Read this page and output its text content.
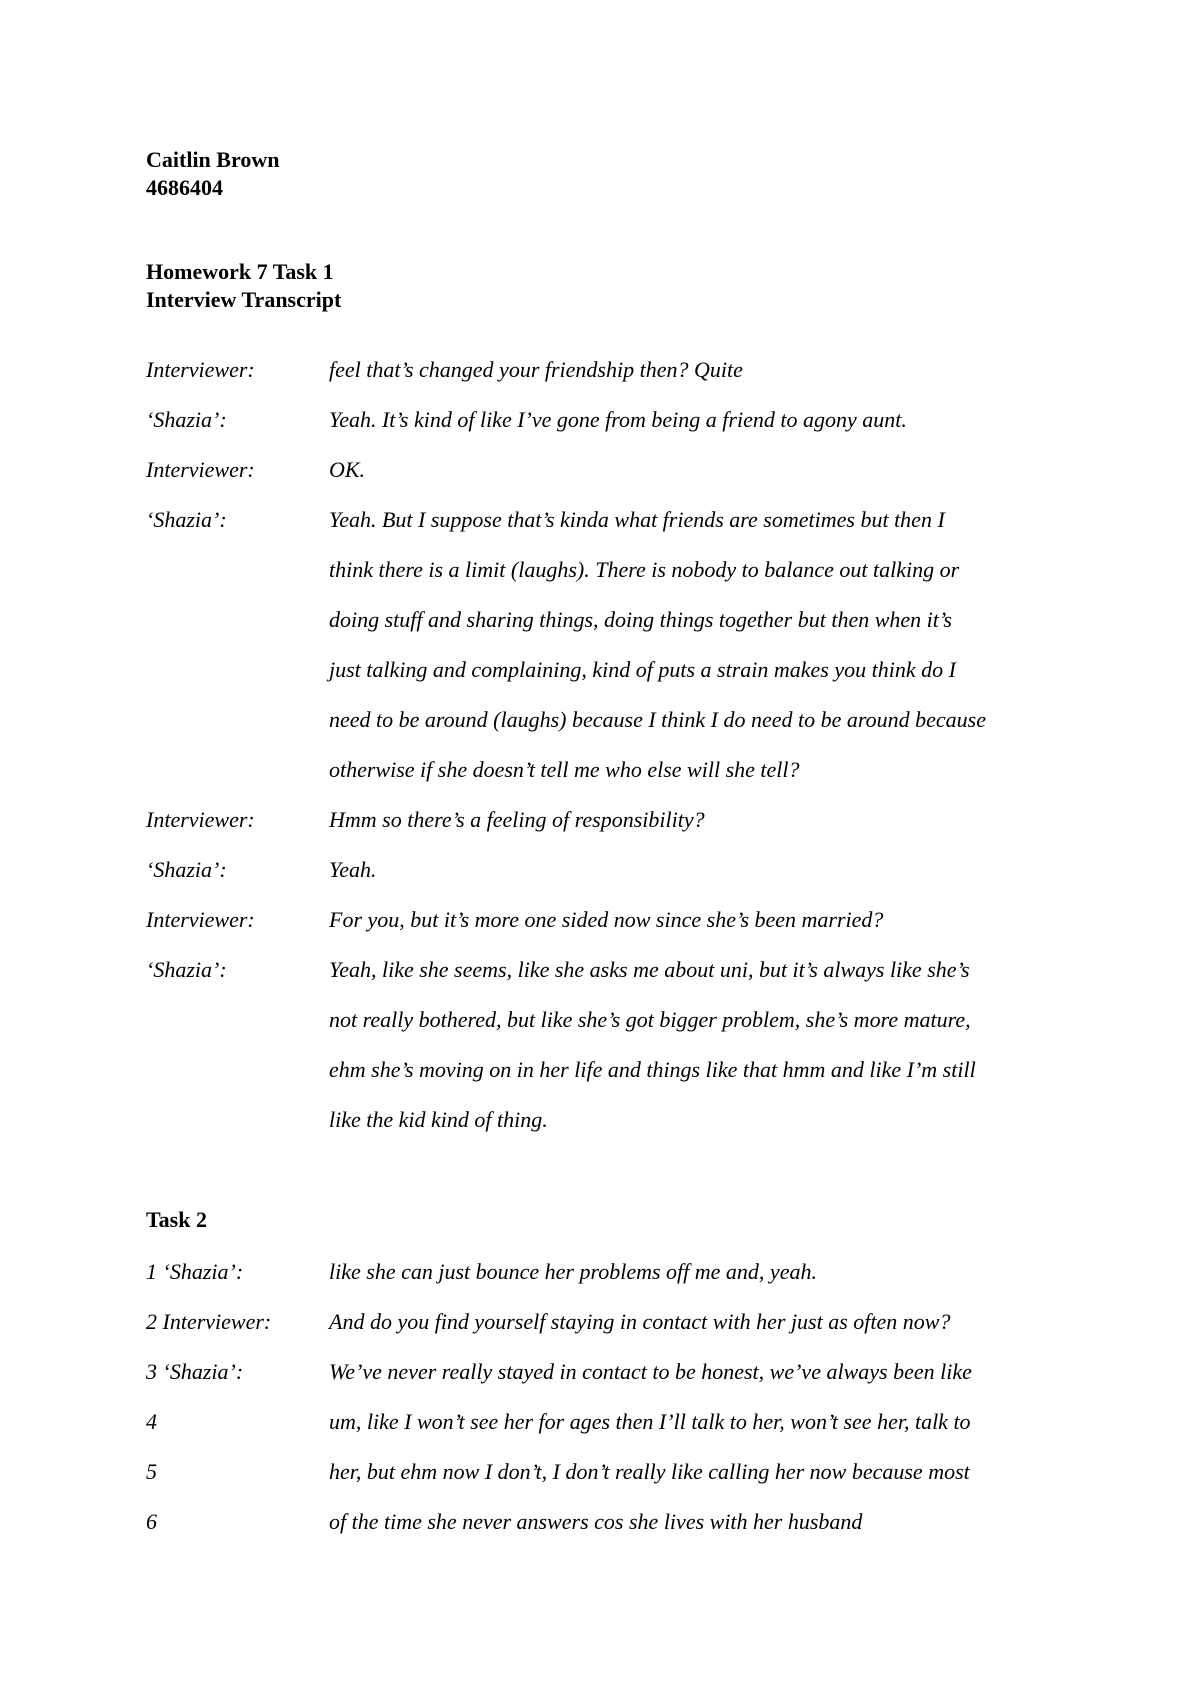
Caitlin Brown
4686404
Homework 7 Task 1
Interview Transcript
Interviewer:	feel that’s changed your friendship then? Quite
‘Shazia’:	Yeah. It’s kind of like I’ve gone from being a friend to agony aunt.
Interviewer:	OK.
‘Shazia’:	Yeah. But I suppose that’s kinda what friends are sometimes but then I
think there is a limit (laughs). There is nobody to balance out talking or
doing stuff and sharing things, doing things together but then when it’s
just talking and complaining, kind of puts a strain makes you think do I
need to be around (laughs) because I think I do need to be around because
otherwise if she doesn’t tell me who else will she tell?
Interviewer:	Hmm so there’s a feeling of responsibility?
‘Shazia’:	Yeah.
Interviewer:	For you, but it’s more one sided now since she’s been married?
‘Shazia’:	Yeah, like she seems, like she asks me about uni, but it’s always like she’s
not really bothered, but like she’s got bigger problem, she’s more mature,
ehm she’s moving on in her life and things like that hmm and like I’m still
like the kid kind of thing.
Task 2
1 ‘Shazia’:	like she can just bounce her problems off me and, yeah.
2 Interviewer:	And do you find yourself staying in contact with her just as often now?
3 ‘Shazia’:	We’ve never really stayed in contact to be honest, we’ve always been like
4	um, like I won’t see her for ages then I’ll talk to her, won’t see her, talk to
5	her, but ehm now I don’t, I don’t really like calling her now because most
6	of the time she never answers cos she lives with her husband
